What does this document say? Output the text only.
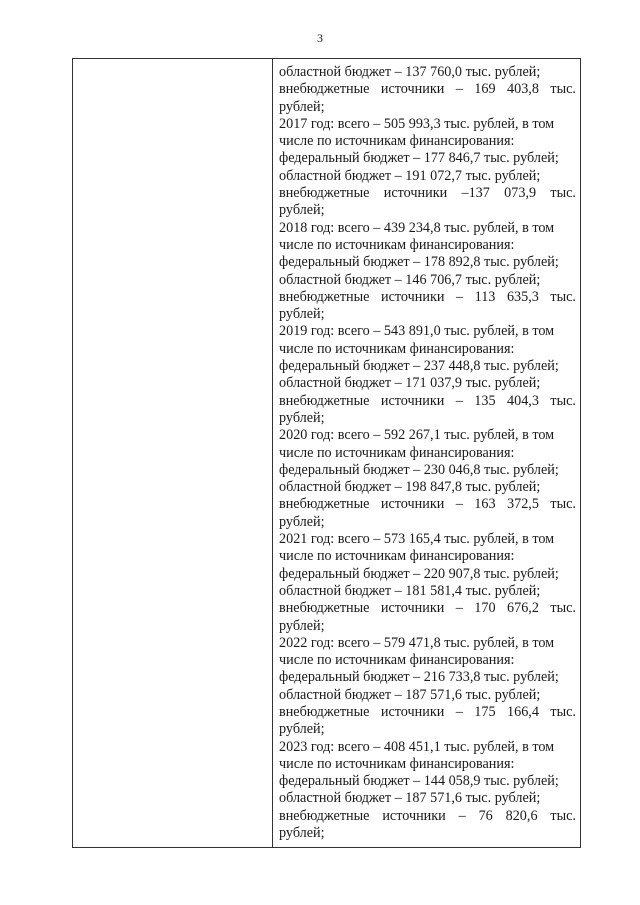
3
областной бюджет – 137 760,0 тыс. рублей;
внебюджетные источники – 169 403,8 тыс.
рублей;
2017 год: всего – 505 993,3 тыс. рублей, в том
числе по источникам финансирования:
федеральный бюджет – 177 846,7 тыс. рублей;
областной бюджет – 191 072,7 тыс. рублей;
внебюджетные источники –137 073,9 тыс.
рублей;
2018 год: всего – 439 234,8 тыс. рублей, в том
числе по источникам финансирования:
федеральный бюджет – 178 892,8 тыс. рублей;
областной бюджет – 146 706,7 тыс. рублей;
внебюджетные источники – 113 635,3 тыс.
рублей;
2019 год: всего – 543 891,0 тыс. рублей, в том
числе по источникам финансирования:
федеральный бюджет – 237 448,8 тыс. рублей;
областной бюджет – 171 037,9 тыс. рублей;
внебюджетные источники – 135 404,3 тыс.
рублей;
2020 год: всего – 592 267,1 тыс. рублей, в том
числе по источникам финансирования:
федеральный бюджет – 230 046,8 тыс. рублей;
областной бюджет – 198 847,8 тыс. рублей;
внебюджетные источники – 163 372,5 тыс.
рублей;
2021 год: всего – 573 165,4 тыс. рублей, в том
числе по источникам финансирования:
федеральный бюджет – 220 907,8 тыс. рублей;
областной бюджет – 181 581,4 тыс. рублей;
внебюджетные источники – 170 676,2 тыс.
рублей;
2022 год: всего – 579 471,8 тыс. рублей, в том
числе по источникам финансирования:
федеральный бюджет – 216 733,8 тыс. рублей;
областной бюджет – 187 571,6 тыс. рублей;
внебюджетные источники – 175 166,4 тыс.
рублей;
2023 год: всего – 408 451,1 тыс. рублей, в том
числе по источникам финансирования:
федеральный бюджет – 144 058,9 тыс. рублей;
областной бюджет – 187 571,6 тыс. рублей;
внебюджетные источники – 76 820,6 тыс.
рублей;
